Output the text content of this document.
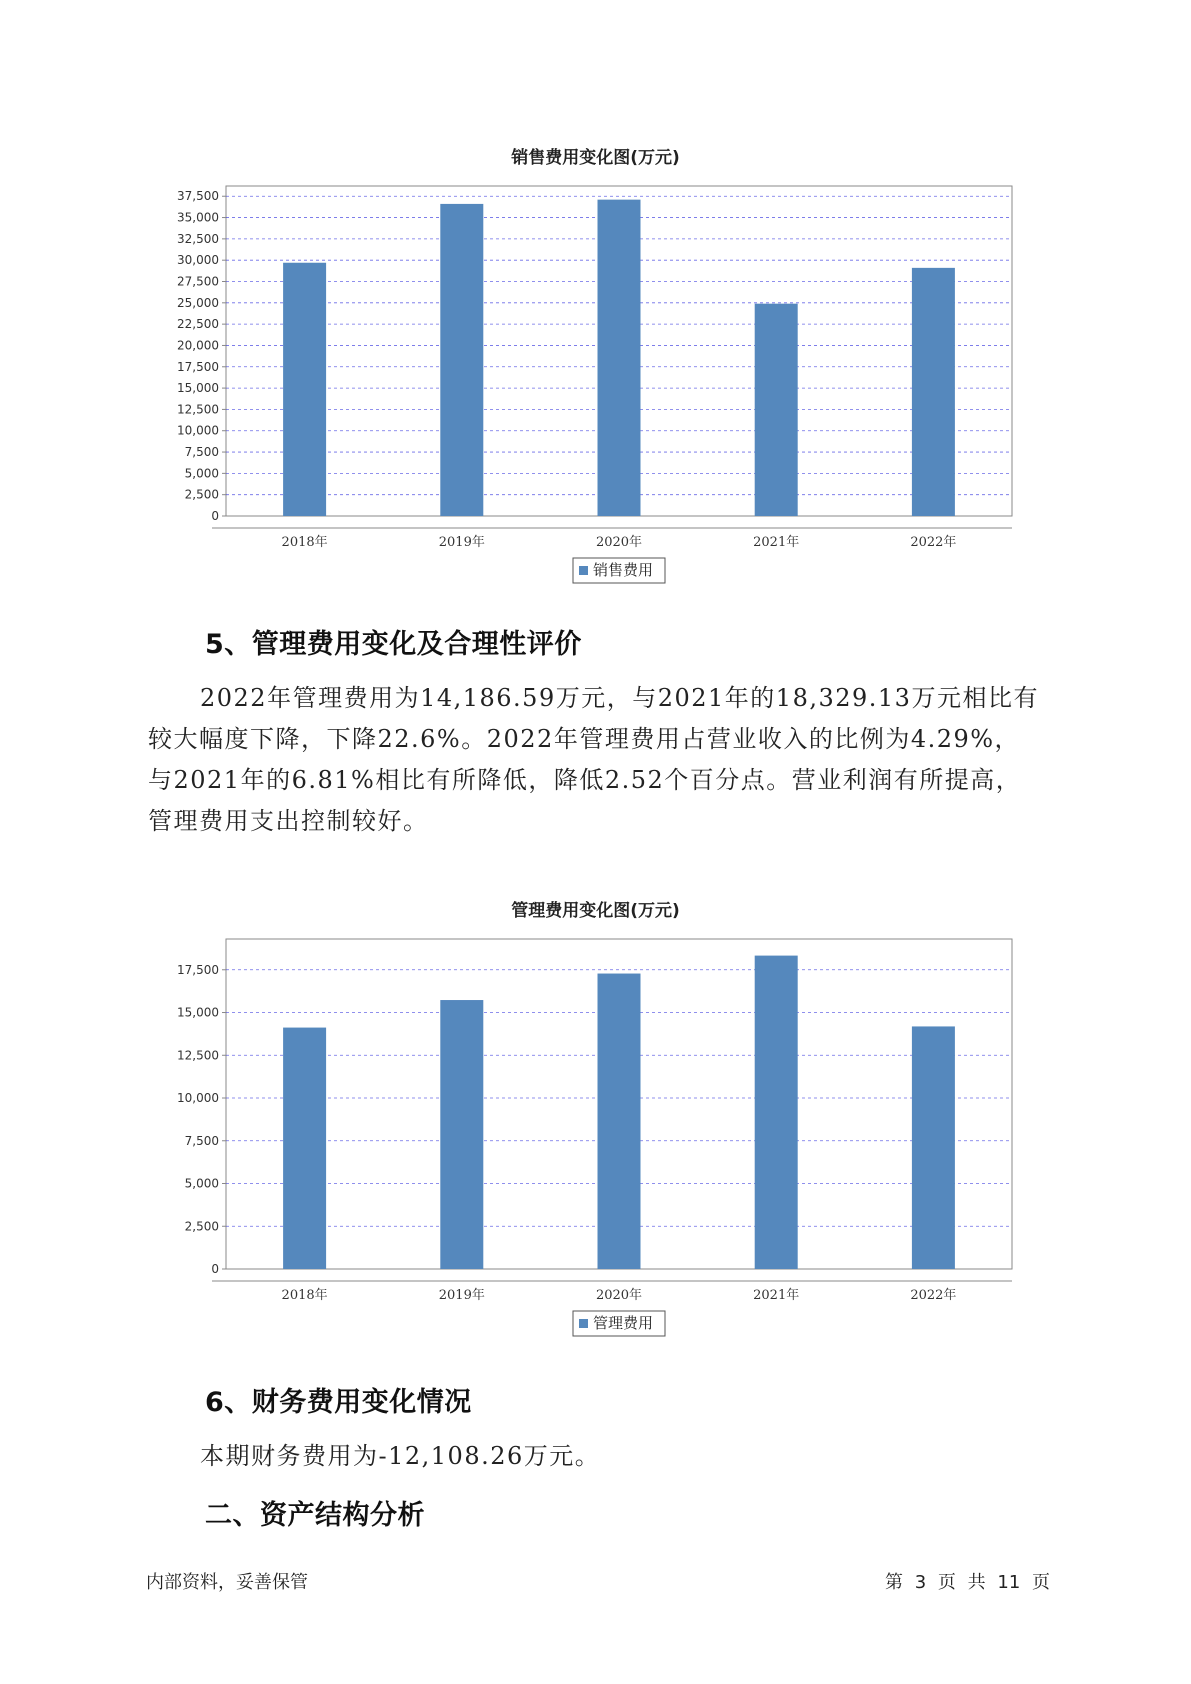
销售费用变化图(万元)
0
2,500
5,000
7,500
10,000
12,500
15,000
17,500
20,000
22,500
25,000
27,500
30,000
32,500
35,000
37,500
2018年	2019年	2020年	2021年	2022年
销售费用
5、管理费用变化及合理性评价
2022年管理费用为14,186.59万元，与2021年的18,329.13万元相比有
较大幅度下降，下降22.6%。2022年管理费用占营业收入的比例为4.29%，
与2021年的6.81%相比有所降低，降低2.52个百分点。营业利润有所提高，
管理费用支出控制较好。
管理费用变化图(万元)
0
2,500
5,000
7,500
10,000
12,500
15,000
17,500
2018年	2019年	2020年	2021年	2022年
管理费用
6、财务费用变化情况
本期财务费用为-12,108.26万元。
二、资产结构分析
内部资料，妥善保管	第 3 页 共 11 页
